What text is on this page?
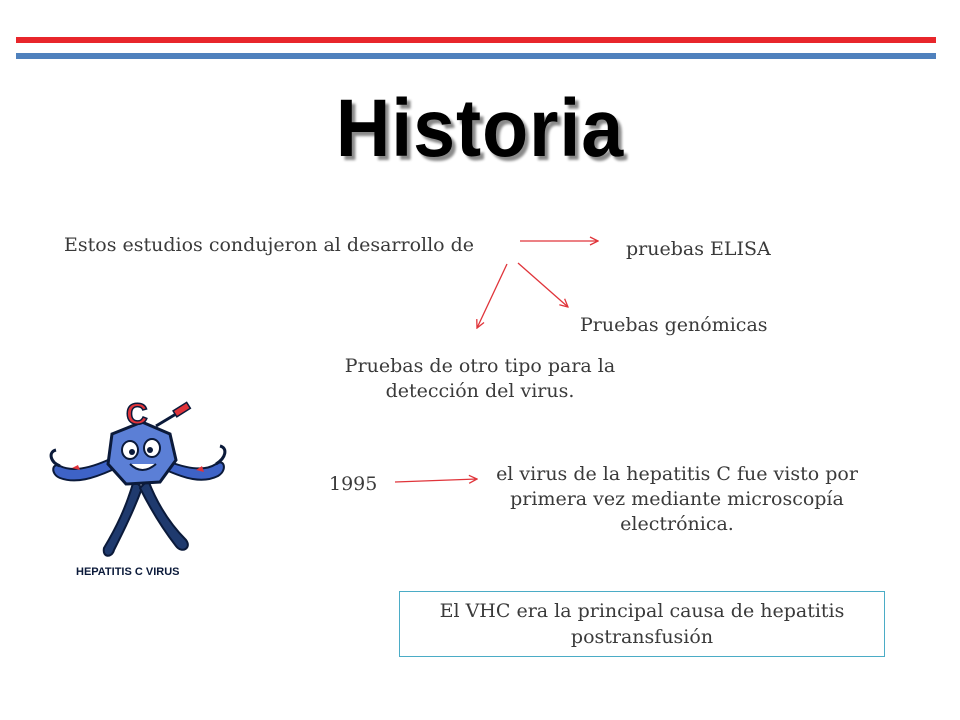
Historia

Estos estudios condujeron al desarrollo de	pruebas ELISA

Pruebas genómicas

Pruebas de otro tipo para la detección del virus.

1995	el virus de la hepatitis C fue visto por primera vez mediante microscopía electrónica.

El VHC era la principal causa de hepatitis postransfusión
C
HEPATITIS C VIRUS
